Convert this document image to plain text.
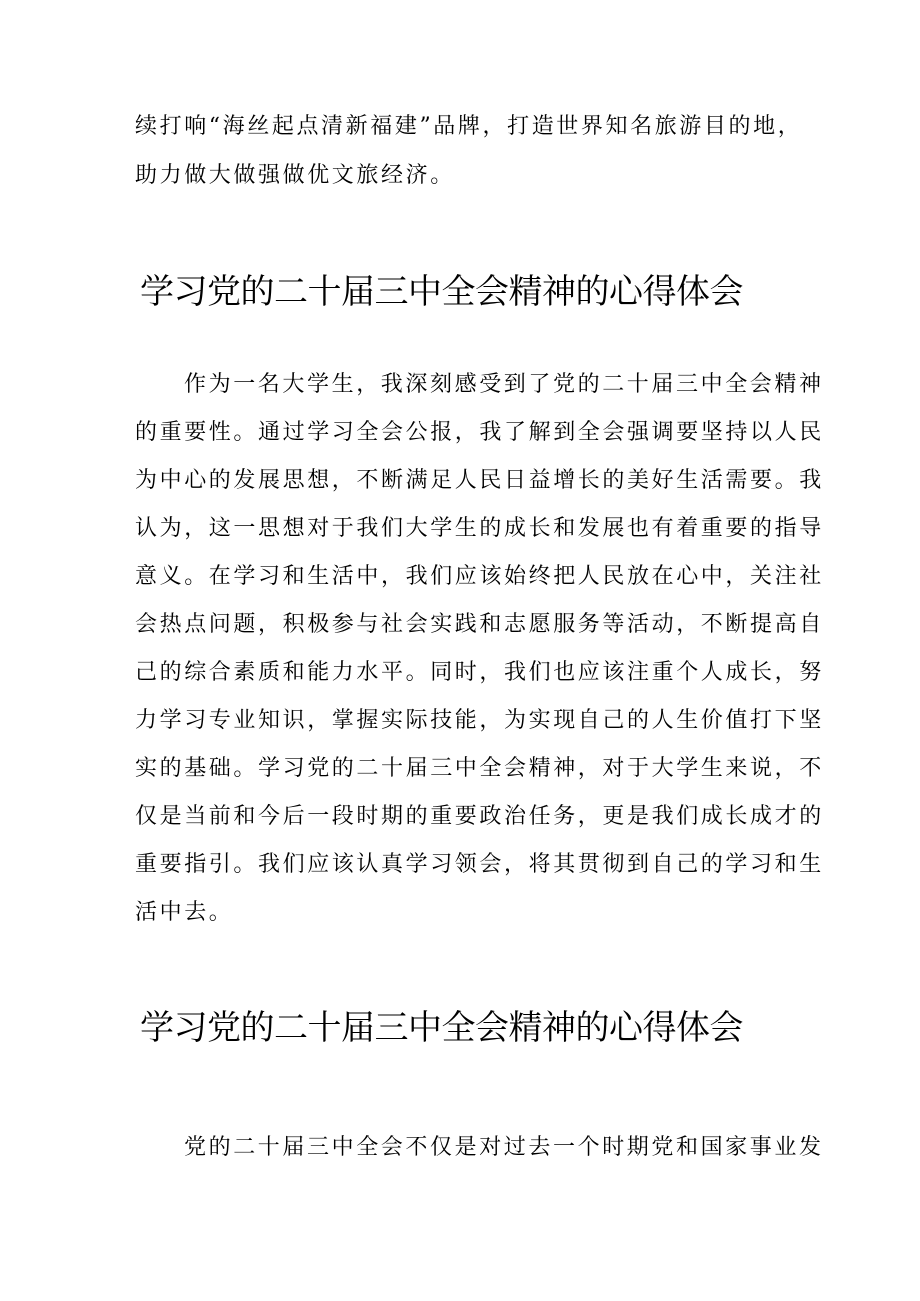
续打响“海丝起点清新福建”品牌，打造世界知名旅游目的地，
助力做大做强做优文旅经济。
学习党的二十届三中全会精神的心得体会
作为一名大学生，我深刻感受到了党的二十届三中全会精神
的重要性。通过学习全会公报，我了解到全会强调要坚持以人民
为中心的发展思想，不断满足人民日益增长的美好生活需要。我
认为，这一思想对于我们大学生的成长和发展也有着重要的指导
意义。在学习和生活中，我们应该始终把人民放在心中，关注社
会热点问题，积极参与社会实践和志愿服务等活动，不断提高自
己的综合素质和能力水平。同时，我们也应该注重个人成长，努
力学习专业知识，掌握实际技能，为实现自己的人生价值打下坚
实的基础。学习党的二十届三中全会精神，对于大学生来说，不
仅是当前和今后一段时期的重要政治任务，更是我们成长成才的
重要指引。我们应该认真学习领会，将其贯彻到自己的学习和生
活中去。
学习党的二十届三中全会精神的心得体会
党的二十届三中全会不仅是对过去一个时期党和国家事业发
